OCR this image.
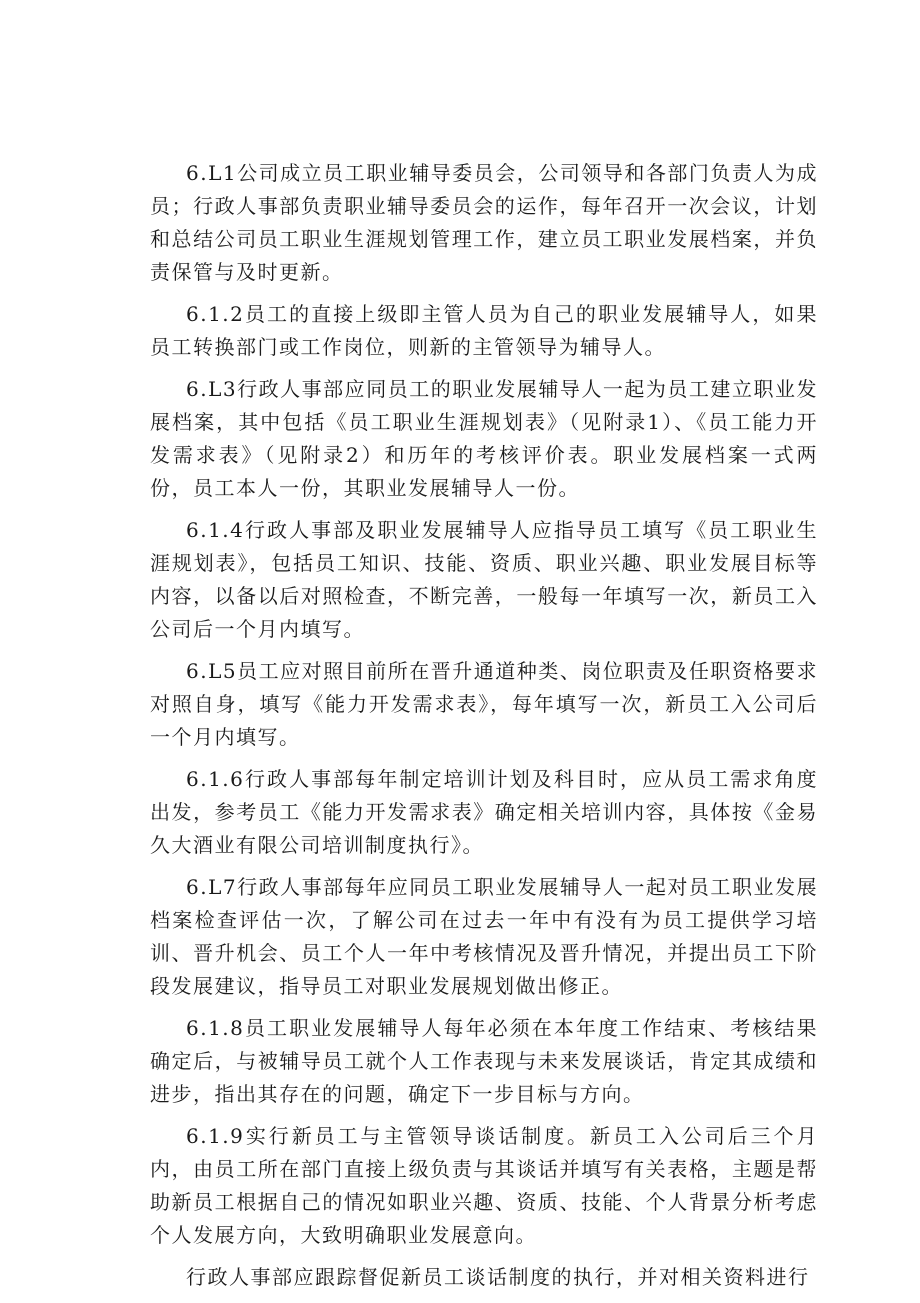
6.L1公司成立员工职业辅导委员会，公司领导和各部门负责人为成员；行政人事部负责职业辅导委员会的运作，每年召开一次会议，计划和总结公司员工职业生涯规划管理工作，建立员工职业发展档案，并负责保管与及时更新。

6.1.2员工的直接上级即主管人员为自己的职业发展辅导人，如果员工转换部门或工作岗位，则新的主管领导为辅导人。

6.L3行政人事部应同员工的职业发展辅导人一起为员工建立职业发展档案，其中包括《员工职业生涯规划表》（见附录1）、《员工能力开发需求表》（见附录2）和历年的考核评价表。职业发展档案一式两份，员工本人一份，其职业发展辅导人一份。

6.1.4行政人事部及职业发展辅导人应指导员工填写《员工职业生涯规划表》，包括员工知识、技能、资质、职业兴趣、职业发展目标等内容，以备以后对照检查，不断完善，一般每一年填写一次，新员工入公司后一个月内填写。

6.L5员工应对照目前所在晋升通道种类、岗位职责及任职资格要求对照自身，填写《能力开发需求表》，每年填写一次，新员工入公司后一个月内填写。

6.1.6行政人事部每年制定培训计划及科目时，应从员工需求角度出发，参考员工《能力开发需求表》确定相关培训内容，具体按《金易久大酒业有限公司培训制度执行》。

6.L7行政人事部每年应同员工职业发展辅导人一起对员工职业发展档案检查评估一次，了解公司在过去一年中有没有为员工提供学习培训、晋升机会、员工个人一年中考核情况及晋升情况，并提出员工下阶段发展建议，指导员工对职业发展规划做出修正。

6.1.8员工职业发展辅导人每年必须在本年度工作结束、考核结果确定后，与被辅导员工就个人工作表现与未来发展谈话，肯定其成绩和进步，指出其存在的问题，确定下一步目标与方向。

6.1.9实行新员工与主管领导谈话制度。新员工入公司后三个月内，由员工所在部门直接上级负责与其谈话并填写有关表格，主题是帮助新员工根据自己的情况如职业兴趣、资质、技能、个人背景分析考虑个人发展方向，大致明确职业发展意向。

行政人事部应跟踪督促新员工谈话制度的执行，并对相关资料进行
